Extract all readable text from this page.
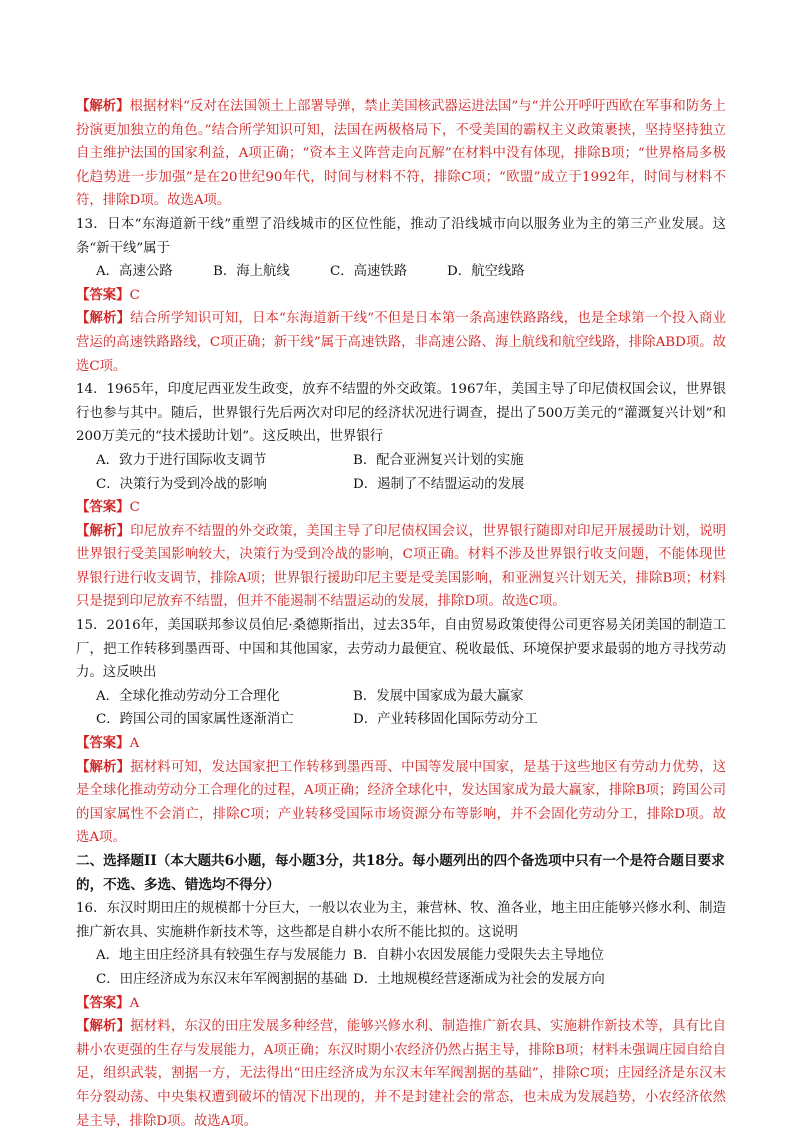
【解析】根据材料“反对在法国领土上部署导弹，禁止美国核武器运进法国”与“并公开呼吁西欧在军事和防务上扮演更加独立的角色。”结合所学知识可知，法国在两极格局下，不受美国的霸权主义政策裹挟，坚持坚持独立自主维护法国的国家利益，A项正确；“资本主义阵营走向瓦解”在材料中没有体现，排除B项；“世界格局多极化趋势进一步加强”是在20世纪90年代，时间与材料不符，排除C项；“欧盟”成立于1992年，时间与材料不符，排除D项。故选A项。

13．日本“东海道新干线”重塑了沿线城市的区位性能，推动了沿线城市向以服务业为主的第三产业发展。这条“新干线”属于

A．高速公路	B．海上航线	C．高速铁路	D．航空线路

【答案】C

【解析】结合所学知识可知，日本“东海道新干线”不但是日本第一条高速铁路路线，也是全球第一个投入商业营运的高速铁路路线，C项正确；新干线”属于高速铁路，非高速公路、海上航线和航空线路，排除ABD项。故选C项。

14．1965年，印度尼西亚发生政变，放弃不结盟的外交政策。1967年，美国主导了印尼债权国会议，世界银行也参与其中。随后，世界银行先后两次对印尼的经济状况进行调查，提出了500万美元的“灌溉复兴计划”和200万美元的“技术援助计划”。这反映出，世界银行

A．致力于进行国际收支调节	B．配合亚洲复兴计划的实施
C．决策行为受到冷战的影响	D．遏制了不结盟运动的发展

【答案】C

【解析】印尼放弃不结盟的外交政策，美国主导了印尼债权国会议，世界银行随即对印尼开展援助计划，说明世界银行受美国影响较大，决策行为受到冷战的影响，C项正确。材料不涉及世界银行收支问题，不能体现世界银行进行收支调节，排除A项；世界银行援助印尼主要是受美国影响，和亚洲复兴计划无关，排除B项；材料只是提到印尼放弃不结盟，但并不能遏制不结盟运动的发展，排除D项。故选C项。

15．2016年，美国联邦参议员伯尼·桑德斯指出，过去35年，自由贸易政策使得公司更容易关闭美国的制造工厂，把工作转移到墨西哥、中国和其他国家，去劳动力最便宜、税收最低、环境保护要求最弱的地方寻找劳动力。这反映出

A．全球化推动劳动分工合理化	B．发展中国家成为最大赢家
C．跨国公司的国家属性逐渐消亡	D．产业转移固化国际劳动分工

【答案】A

【解析】据材料可知，发达国家把工作转移到墨西哥、中国等发展中国家，是基于这些地区有劳动力优势，这是全球化推动劳动分工合理化的过程，A项正确；经济全球化中，发达国家成为最大赢家，排除B项；跨国公司的国家属性不会消亡，排除C项；产业转移受国际市场资源分布等影响，并不会固化劳动分工，排除D项。故选A项。

二、选择题II（本大题共6小题，每小题3分，共18分。每小题列出的四个备选项中只有一个是符合题目要求的，不选、多选、错选均不得分）

16．东汉时期田庄的规模都十分巨大，一般以农业为主，兼营林、牧、渔各业，地主田庄能够兴修水利、制造推广新农具、实施耕作新技术等，这些都是自耕小农所不能比拟的。这说明

A．地主田庄经济具有较强生存与发展能力 B．自耕小农因发展能力受限失去主导地位
C．田庄经济成为东汉末年军阀割据的基础 D．土地规模经营逐渐成为社会的发展方向

【答案】A

【解析】据材料，东汉的田庄发展多种经营，能够兴修水利、制造推广新农具、实施耕作新技术等，具有比自耕小农更强的生存与发展能力，A项正确；东汉时期小农经济仍然占据主导，排除B项；材料未强调庄园自给自足，组织武装，割据一方，无法得出“田庄经济成为东汉末年军阀割据的基础”，排除C项；庄园经济是东汉末年分裂动荡、中央集权遭到破坏的情况下出现的，并不是封建社会的常态，也未成为发展趋势，小农经济依然是主导，排除D项。故选A项。
